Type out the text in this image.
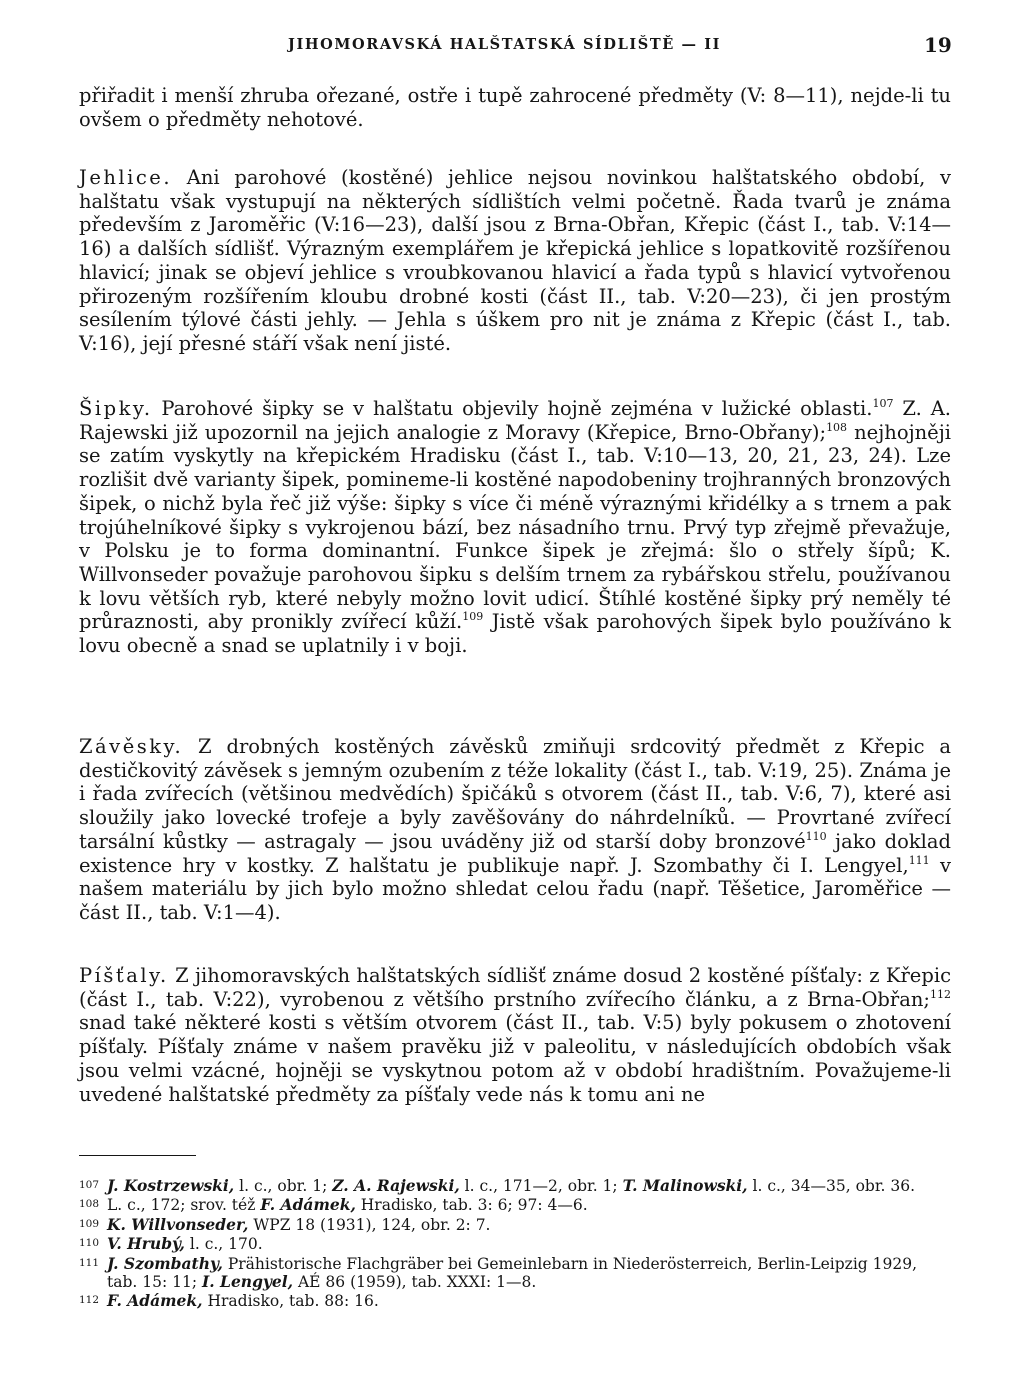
JIHOMORAVSKÁ HALŠTATSKÁ SÍDLIŠTĚ — II	19

přiřadit i menší zhruba ořezané, ostře i tupě zahrocené předměty (V: 8—11), nejde-li tu ovšem o předměty nehotové.

Jehlice. Ani parohové (kostěné) jehlice nejsou novinkou halštatského období, v halštatu však vystupují na některých sídlištích velmi početně. Řada tvarů je známa především z Jaroměřic (V:16—23), další jsou z Brna-Obřan, Křepic (část I., tab. V:14—16) a dalších sídlišť. Výrazným exemplářem je křepická jehlice s lopatkovitě rozšířenou hlavicí; jinak se objeví jehlice s vroubkovanou hlavicí a řada typů s hlavicí vytvořenou přirozeným rozšířením kloubu drobné kosti (část II., tab. V:20—23), či jen prostým sesílením týlové části jehly. — Jehla s úškem pro nit je známa z Křepic (část I., tab. V:16), její přesné stáří však není jisté.

Šipky. Parohové šipky se v halštatu objevily hojně zejména v lužické oblasti.$^{107}$ Z. A. Rajewski již upozornil na jejich analogie z Moravy (Křepice, Brno-Obřany);$^{108}$ nejhojněji se zatím vyskytly na křepickém Hradisku (část I., tab. V:10—13, 20, 21, 23, 24). Lze rozlišit dvě varianty šipek, pomineme-li kostěné napodobeniny trojhranných bronzových šipek, o nichž byla řeč již výše: šipky s více či méně výraznými křidélky a s trnem a pak trojúhelníkové šipky s vykrojenou bází, bez násadního trnu. Prvý typ zřejmě převažuje, v Polsku je to forma dominantní. Funkce šipek je zřejmá: šlo o střely šípů; K. Willvonseder považuje parohovou šipku s delším trnem za rybářskou střelu, používanou k lovu větších ryb, které nebyly možno lovit udicí. Štíhlé kostěné šipky prý neměly té průraznosti, aby pronikly zvířecí kůží.$^{109}$ Jistě však parohových šipek bylo používáno k lovu obecně a snad se uplatnily i v boji.

Závěsky. Z drobných kostěných závěsků zmiňuji srdcovitý předmět z Křepic a destičkovitý závěsek s jemným ozubením z téže lokality (část I., tab. V:19, 25). Známa je i řada zvířecích (většinou medvědích) špičáků s otvorem (část II., tab. V:6, 7), které asi sloužily jako lovecké trofeje a byly zavěšovány do náhrdelníků. — Provrtané zvířecí tarsální kůstky — astragaly — jsou uváděny již od starší doby bronzové$^{110}$ jako doklad existence hry v kostky. Z halštatu je publikuje např. J. Szombathy či I. Lengyel,$^{111}$ v našem materiálu by jich bylo možno shledat celou řadu (např. Těšetice, Jaroměřice — část II., tab. V:1—4).

Píšťaly. Z jihomoravských halštatských sídlišť známe dosud 2 kostěné píšťaly: z Křepic (část I., tab. V:22), vyrobenou z většího prstního zvířecího článku, a z Brna-Obřan;$^{112}$ snad také některé kosti s větším otvorem (část II., tab. V:5) byly pokusem o zhotovení píšťaly. Píšťaly známe v našem pravěku již v paleolitu, v následujících obdobích však jsou velmi vzácné, hojněji se vyskytnou potom až v období hradištním. Považujeme-li uvedené halštatské předměty za píšťaly vede nás k tomu ani ne

107 J. Kostrzewski, l. c., obr. 1; Z. A. Rajewski, l. c., 171—2, obr. 1; T. Malinowski, l. c., 34—35, obr. 36.
108 L. c., 172; srov. též F. Adámek, Hradisko, tab. 3: 6; 97: 4—6.
109 K. Willvonseder, WPZ 18 (1931), 124, obr. 2: 7.
110 V. Hrubý, l. c., 170.
111 J. Szombathy, Prähistorische Flachgräber bei Gemeinlebarn in Niederösterreich, Berlin-Leipzig 1929, tab. 15: 11; I. Lengyel, AÉ 86 (1959), tab. XXXI: 1—8.
112 F. Adámek, Hradisko, tab. 88: 16.
